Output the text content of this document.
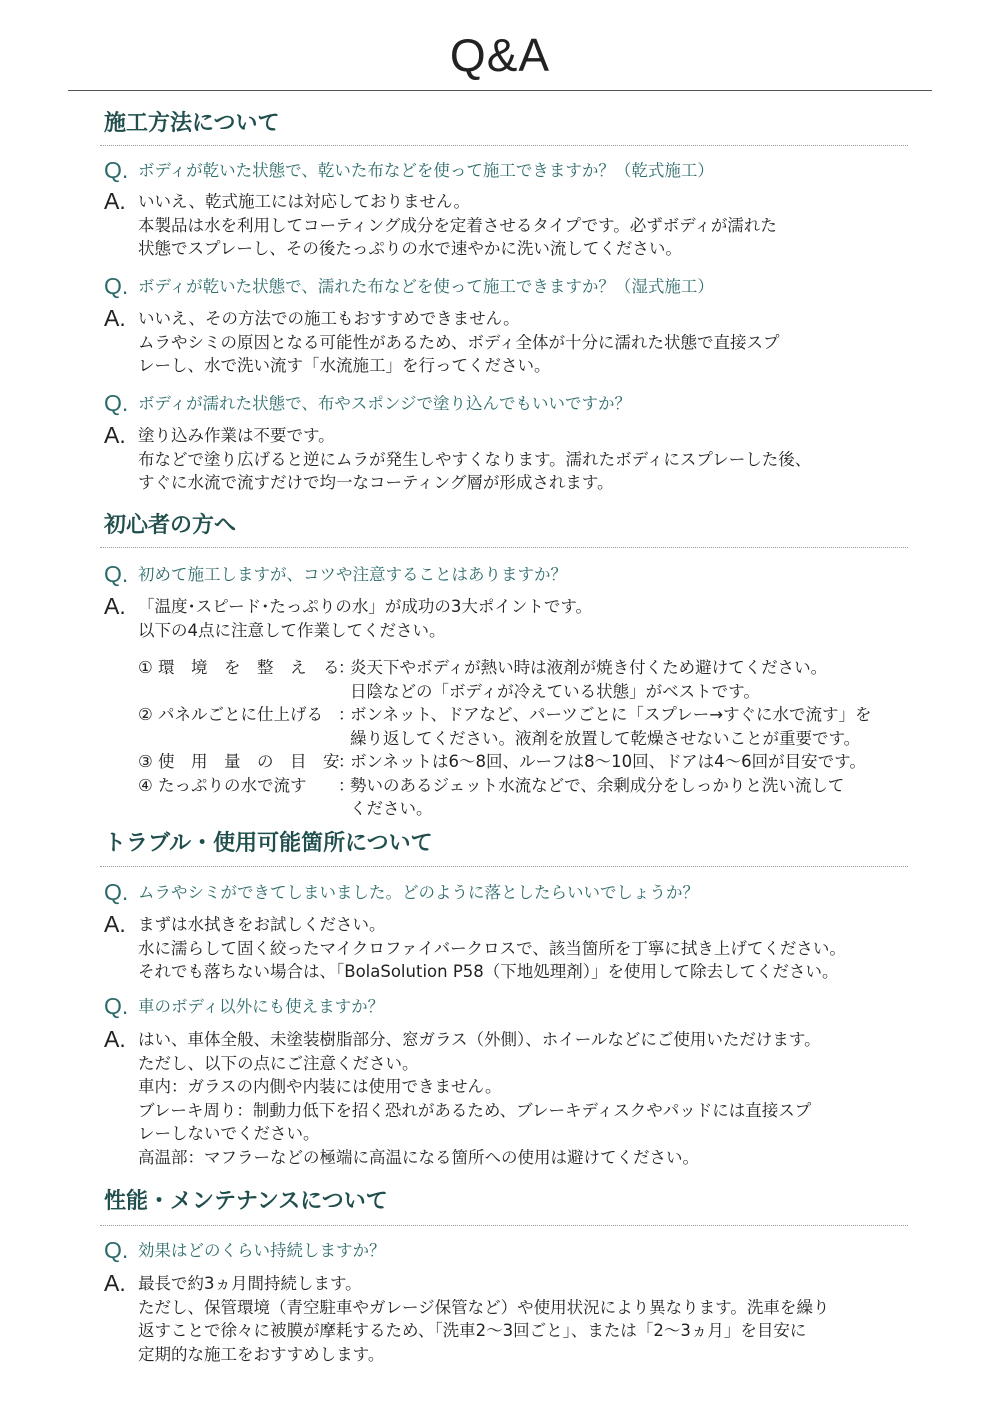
Q&A
施工方法について
Q. ボディが乾いた状態で、乾いた布などを使って施工できますか？（乾式施工）
A. いいえ、乾式施工には対応しておりません。
本製品は水を利用してコーティング成分を定着させるタイプです。必ずボディが濡れた
状態でスプレーし、その後たっぷりの水で速やかに洗い流してください。
Q. ボディが乾いた状態で、濡れた布などを使って施工できますか？（湿式施工）
A. いいえ、その方法での施工もおすすめできません。
ムラやシミの原因となる可能性があるため、ボディ全体が十分に濡れた状態で直接スプ
レーし、水で洗い流す「水流施工」を行ってください。
Q. ボディが濡れた状態で、布やスポンジで塗り込んでもいいですか？
A. 塗り込み作業は不要です。
布などで塗り広げると逆にムラが発生しやすくなります。濡れたボディにスプレーした後、
すぐに水流で流すだけで均一なコーティング層が形成されます。
初心者の方へ
Q. 初めて施工しますが、コツや注意することはありますか？
A. 「温度･スピード･たっぷりの水」が成功の3大ポイントです。
以下の4点に注意して作業してください。
① 環　境　を　整　え　る
：
炎天下やボディが熱い時は液剤が焼き付くため避けてください。
日陰などの「ボディが冷えている状態」がベストです。
② パネルごとに仕上げる ：
ボンネット、ドアなど、パーツごとに「スプレー→すぐに水で流す」を
繰り返してください。液剤を放置して乾燥させないことが重要です。
③ 使　用　量　の　目　安
：
ボンネットは6〜8回、ルーフは8〜10回、ドアは4〜6回が目安です。
④ たっぷりの水で流す	：
勢いのあるジェット水流などで、余剰成分をしっかりと洗い流して
ください。
トラブル・使用可能箇所について
Q. ムラやシミができてしまいました。どのように落としたらいいでしょうか？
A. まずは水拭きをお試しください。
水に濡らして固く絞ったマイクロファイバークロスで、該当箇所を丁寧に拭き上げてください。
それでも落ちない場合は、「BolaSolution P58（下地処理剤）」を使用して除去してください。
Q. 車のボディ以外にも使えますか？
A. はい、車体全般、未塗装樹脂部分、窓ガラス（外側）、ホイールなどにご使用いただけます。
ただし、以下の点にご注意ください。
車内：ガラスの内側や内装には使用できません。
ブレーキ周り：制動力低下を招く恐れがあるため、ブレーキディスクやパッドには直接スプ
レーしないでください。
高温部：マフラーなどの極端に高温になる箇所への使用は避けてください。
性能・メンテナンスについて
Q. 効果はどのくらい持続しますか？
A. 最長で約3ヵ月間持続します。
ただし、保管環境（青空駐車やガレージ保管など）や使用状況により異なります。洗車を繰り
返すことで徐々に被膜が摩耗するため、「洗車2〜3回ごと」、または「2〜3ヵ月」を目安に
定期的な施工をおすすめします。
